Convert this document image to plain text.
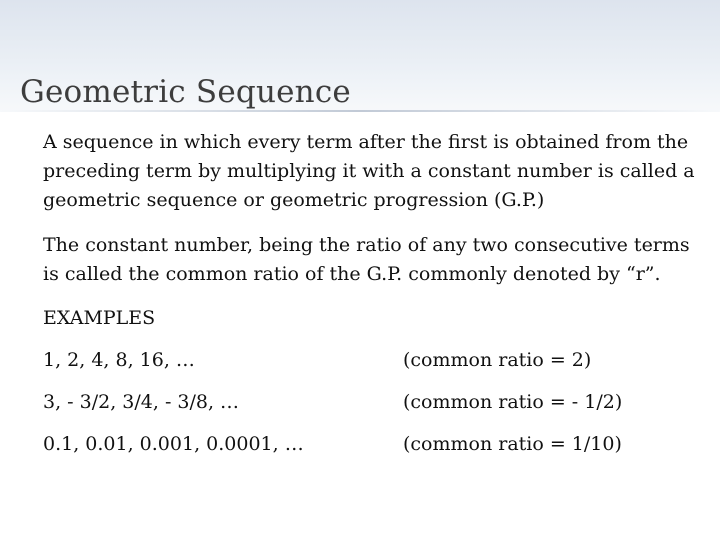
Geometric Sequence

A sequence in which every term after the first is obtained from the preceding term by multiplying it with a constant number is called a geometric sequence or geometric progression (G.P.)

The constant number, being the ratio of any two consecutive terms is called the common ratio of the G.P. commonly denoted by “r”.

EXAMPLES

1, 2, 4, 8, 16, …	(common ratio = 2)
3, - 3/2, 3/4, - 3/8, …	(common ratio = - 1/2)
0.1, 0.01, 0.001, 0.0001, …	(common ratio = 1/10)
